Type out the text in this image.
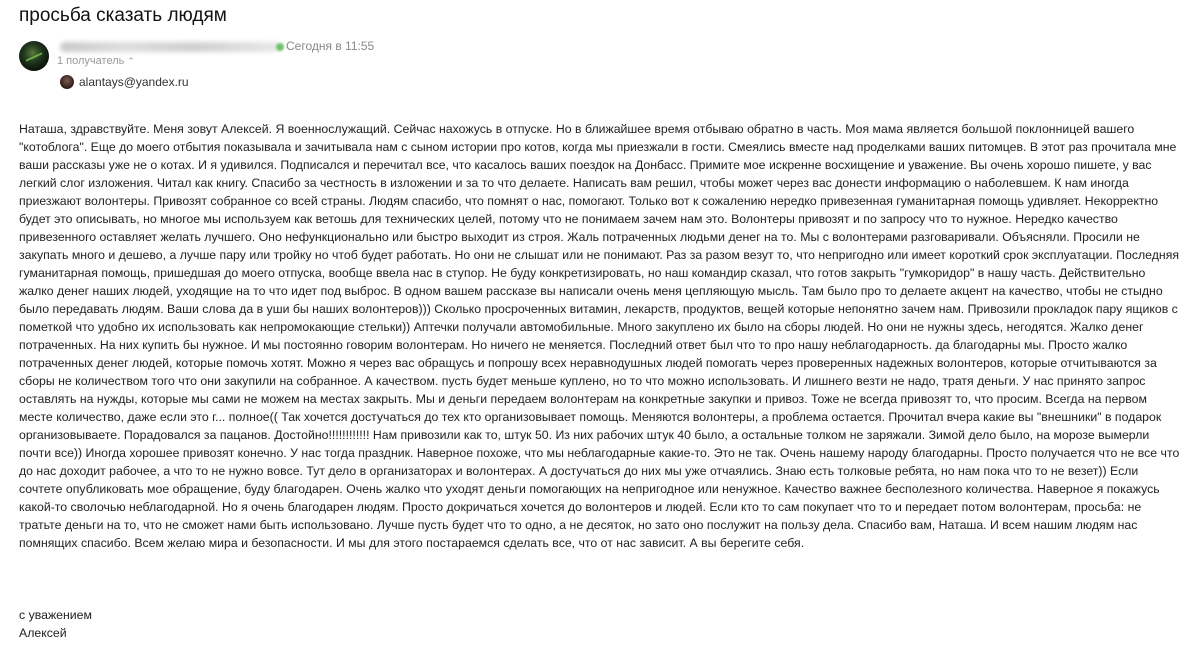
просьба сказать людям
Сегодня в 11:55
1 получатель ⌃
alantays@yandex.ru

Наташа, здравствуйте. Меня зовут Алексей. Я военнослужащий. Сейчас нахожусь в отпуске. Но в ближайшее время отбываю обратно в часть. Моя мама является большой поклонницей вашего "котоблога". Еще до моего отбытия показывала и зачитывала нам с сыном истории про котов, когда мы приезжали в гости. Смеялись вместе над проделками ваших питомцев. В этот раз прочитала мне ваши рассказы уже не о котах. И я удивился. Подписался и перечитал все, что касалось ваших поездок на Донбасс. Примите мое искренне восхищение и уважение. Вы очень хорошо пишете, у вас легкий слог изложения. Читал как книгу. Спасибо за честность в изложении и за то что делаете. Написать вам решил, чтобы может через вас донести информацию о наболевшем. К нам иногда приезжают волонтеры. Привозят собранное со всей страны. Людям спасибо, что помнят о нас, помогают. Только вот к сожалению нередко привезенная гуманитарная помощь удивляет. Некорректно будет это описывать, но многое мы используем как ветошь для технических целей, потому что не понимаем зачем нам это. Волонтеры привозят и по запросу что то нужное. Нередко качество привезенного оставляет желать лучшего. Оно нефункционально или быстро выходит из строя. Жаль потраченных людьми денег на то. Мы с волонтерами разговаривали. Объясняли. Просили не закупать много и дешево, а лучше пару или тройку но чтоб будет работать. Но они не слышат или не понимают. Раз за разом везут то, что непригодно или имеет короткий срок эксплуатации. Последняя гуманитарная помощь, пришедшая до моего отпуска, вообще ввела нас в ступор. Не буду конкретизировать, но наш командир сказал, что готов закрыть "гумкоридор" в нашу часть. Действительно жалко денег наших людей, уходящие на то что идет под выброс. В одном вашем рассказе вы написали очень меня цепляющую мысль. Там было про то делаете акцент на качество, чтобы не стыдно было передавать людям. Ваши слова да в уши бы наших волонтеров))) Сколько просроченных витамин, лекарств, продуктов, вещей которые непонятно зачем нам. Привозили прокладок пару ящиков с пометкой что удобно их использовать как непромокающие стельки)) Аптечки получали автомобильные. Много закуплено их было на сборы людей. Но они не нужны здесь, негодятся. Жалко денег потраченных. На них купить бы нужное. И мы постоянно говорим волонтерам. Но ничего не меняется. Последний ответ был что то про нашу неблагодарность. да благодарны мы. Просто жалко потраченных денег людей, которые помочь хотят. Можно я через вас обращусь и попрошу всех неравнодушных людей помогать через проверенных надежных волонтеров, которые отчитываются за сборы не количеством того что они закупили на собранное. А качеством. пусть будет меньше куплено, но то что можно использовать. И лишнего везти не надо, тратя деньги. У нас принято запрос оставлять на нужды, которые мы сами не можем на местах закрыть. Мы и деньги передаем волонтерам на конкретные закупки и привоз. Тоже не всегда привозят то, что просим. Всегда на первом месте количество, даже если это г... полное(( Так хочется достучаться до тех кто организовывает помощь. Меняются волонтеры, а проблема остается. Прочитал вчера какие вы "внешники" в подарок организовываете. Порадовался за пацанов. Достойно!!!!!!!!!!!! Нам привозили как то, штук 50. Из них рабочих штук 40 было, а остальные толком не заряжали. Зимой дело было, на морозе вымерли почти все)) Иногда хорошее привозят конечно. У нас тогда праздник. Наверное похоже, что мы неблагодарные какие-то. Это не так. Очень нашему народу благодарны. Просто получается что не все что до нас доходит рабочее, а что то не нужно вовсе. Тут дело в организаторах и волонтерах. А достучаться до них мы уже отчаялись. Знаю есть толковые ребята, но нам пока что то не везет)) Если сочтете опубликовать мое обращение, буду благодарен. Очень жалко что уходят деньги помогающих на непригодное или ненужное. Качество важнее бесполезного количества. Наверное я покажусь какой-то сволочью неблагодарной. Но я очень благодарен людям. Просто докричаться хочется до волонтеров и людей. Если кто то сам покупает что то и передает потом волонтерам, просьба: не тратьте деньги на то, что не сможет нами быть использовано. Лучше пусть будет что то одно, а не десяток, но зато оно послужит на пользу дела. Спасибо вам, Наташа. И всем нашим людям нас помнящих спасибо. Всем желаю мира и безопасности. И мы для этого постараемся сделать все, что от нас зависит. А вы берегите себя.

с уважением
Алексей
